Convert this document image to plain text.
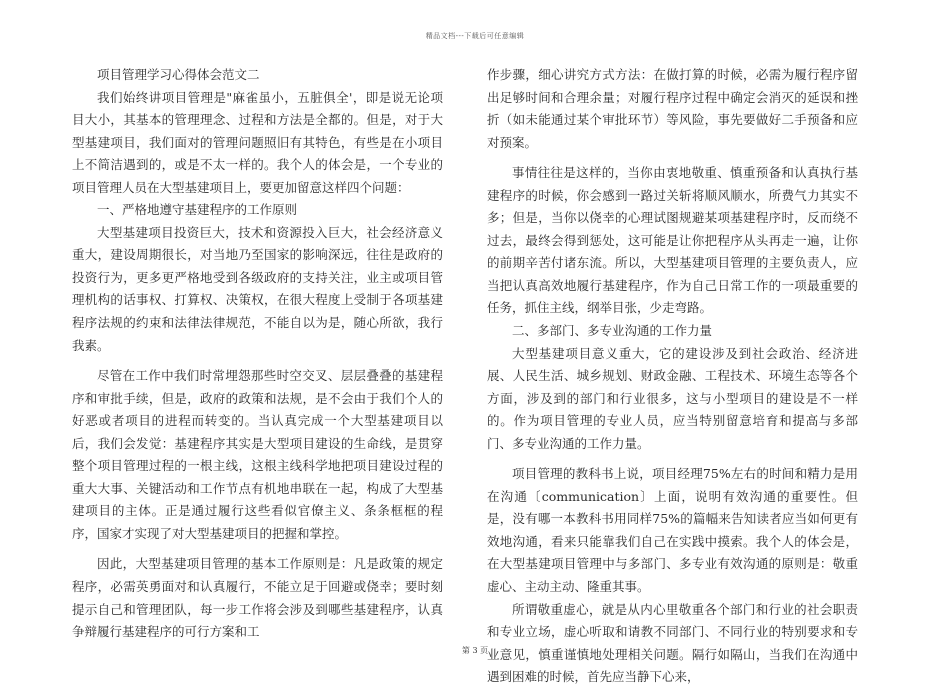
精品文档---下载后可任意编辑

项目管理学习心得体会范文二

我们始终讲项目管理是"麻雀虽小，五脏俱全'，即是说无论项目大小，其基本的管理理念、过程和方法是全都的。但是，对于大型基建项目，我们面对的管理问题照旧有其特色，有些是在小项目上不简洁遇到的，或是不太一样的。我个人的体会是，一个专业的项目管理人员在大型基建项目上，要更加留意这样四个问题：

一、严格地遵守基建程序的工作原则

大型基建项目投资巨大，技术和资源投入巨大，社会经济意义重大，建设周期很长，对当地乃至国家的影响深远，往往是政府的投资行为，更多更严格地受到各级政府的支持关注，业主或项目管理机构的话事权、打算权、决策权，在很大程度上受制于各项基建程序法规的约束和法律法律规范，不能自以为是，随心所欲，我行我素。

尽管在工作中我们时常埋怨那些时空交叉、层层叠叠的基建程序和审批手续，但是，政府的政策和法规，是不会由于我们个人的好恶或者项目的进程而转变的。当认真完成一个大型基建项目以后，我们会发觉：基建程序其实是大型项目建设的生命线，是贯穿整个项目管理过程的一根主线，这根主线科学地把项目建设过程的重大大事、关键活动和工作节点有机地串联在一起，构成了大型基建项目的主体。正是通过履行这些看似官僚主义、条条框框的程序，国家才实现了对大型基建项目的把握和掌控。

因此，大型基建项目管理的基本工作原则是：凡是政策的规定程序，必需英勇面对和认真履行，不能立足于回避或侥幸；要时刻提示自己和管理团队，每一步工作将会涉及到哪些基建程序，认真争辩履行基建程序的可行方案和工

作步骤，细心讲究方式方法：在做打算的时候，必需为履行程序留出足够时间和合理余量；对履行程序过程中确定会消灭的延误和挫折（如未能通过某个审批环节）等风险，事先要做好二手预备和应对预案。

事情往往是这样的，当你由衷地敬重、慎重预备和认真执行基建程序的时候，你会感到一路过关斩将顺风顺水，所费气力其实不多；但是，当你以侥幸的心理试图规避某项基建程序时，反而绕不过去，最终会得到惩处，这可能是让你把程序从头再走一遍，让你的前期辛苦付诸东流。所以，大型基建项目管理的主要负责人，应当把认真高效地履行基建程序，作为自己日常工作的一项最重要的任务，抓住主线，纲举目张，少走弯路。

二、多部门、多专业沟通的工作力量

大型基建项目意义重大，它的建设涉及到社会政治、经济进展、人民生活、城乡规划、财政金融、工程技术、环境生态等各个方面，涉及到的部门和行业很多，这与小型项目的建设是不一样的。作为项目管理的专业人员，应当特别留意培育和提高与多部门、多专业沟通的工作力量。

项目管理的教科书上说，项目经理75%左右的时间和精力是用在沟通〔communication〕上面，说明有效沟通的重要性。但是，没有哪一本教科书用同样75%的篇幅来告知读者应当如何更有效地沟通，看来只能靠我们自己在实践中摸索。我个人的体会是，在大型基建项目管理中与多部门、多专业有效沟通的原则是：敬重虚心、主动主动、隆重其事。

所谓敬重虚心，就是从内心里敬重各个部门和行业的社会职责和专业立场，虚心听取和请教不同部门、不同行业的特别要求和专业意见，慎重谨慎地处理相关问题。隔行如隔山，当我们在沟通中遇到困难的时候，首先应当静下心来，

第 3 页
